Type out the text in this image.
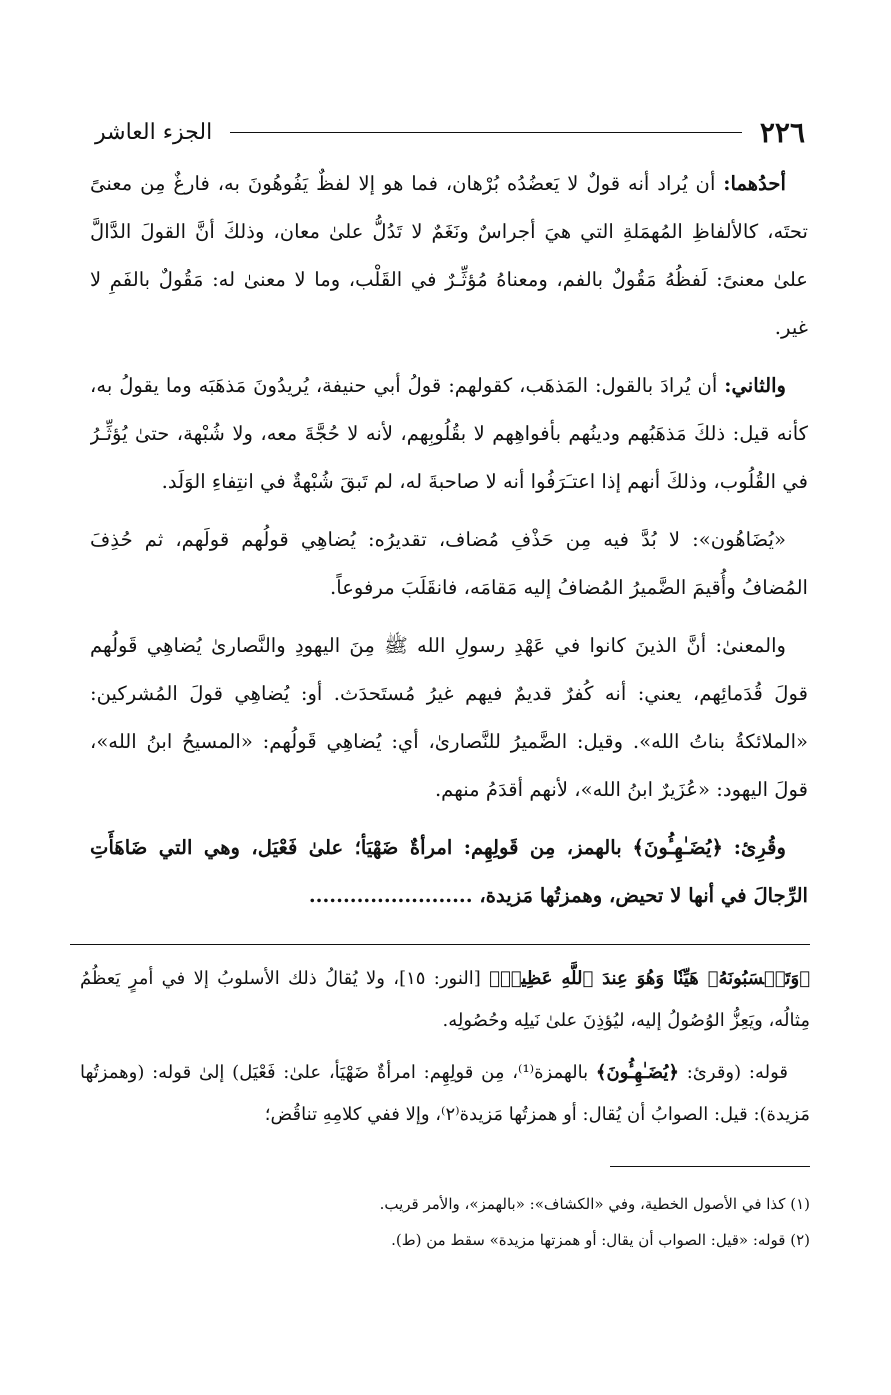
٢٢٦
الجزء العاشر

أحدُهما: أن يُراد أنه قولٌ لا يَعضُدُه بُرْهان، فما هو إلا لفظٌ يَفُوهُونَ به، فارغٌ مِن معنىً تحتَه، كالألفاظِ المُهمَلةِ التي هيَ أجراسٌ ونَغَمٌ لا تَدُلُّ علىٰ معان، وذلكَ أنَّ القولَ الدَّالَّ علىٰ معنىً: لَفظُهُ مَقُولٌ بالفم، ومعناهُ مُؤثِّـرٌ في القَلْب، وما لا معنىٰ له: مَقُولٌ بالفَمِ لا غير.

والثاني: أن يُرادَ بالقول: المَذهَب، كقولهم: قولُ أبي حنيفة، يُريدُونَ مَذهَبَه وما يقولُ به، كأنه قيل: ذلكَ مَذهَبُهم ودينُهم بأفواهِهم لا بقُلُوبِهم، لأنه لا حُجَّةَ معه، ولا شُبْهة، حتىٰ يُؤثِّـرُ في القُلُوب، وذلكَ أنهم إذا اعتـَرَفُوا أنه لا صاحبةَ له، لم تَبقَ شُبْهةٌ في انتِفاءِ الوَلَد.

«يُضَاهُون»: لا بُدَّ فيه مِن حَذْفِ مُضاف، تقديرُه: يُضاهِي قولُهم قولَهم، ثم حُذِفَ المُضافُ وأُقيمَ الضَّميرُ المُضافُ إليه مَقامَه، فانقَلَبَ مرفوعاً.

والمعنىٰ: أنَّ الذينَ كانوا في عَهْدِ رسولِ الله ﷺ مِنَ اليهودِ والنَّصارىٰ يُضاهِي قَولُهم قولَ قُدَمائِهم، يعني: أنه كُفرٌ قديمٌ فيهم غيرُ مُستَحدَث. أو: يُضاهِي قولَ المُشركين: «الملائكةُ بناتُ الله». وقيل: الضَّميرُ للنَّصارىٰ، أي: يُضاهِي قَولُهم: «المسيحُ ابنُ الله»، قولَ اليهود: «عُزَيرٌ ابنُ الله»، لأنهم أقدَمُ منهم.

وقُرِئ: ﴿يُضَـٰهِـُٔونَ﴾ بالهمز، مِن قَولِهِم: امرأةٌ ضَهْيَأ؛ علىٰ فَعْيَل، وهي التي ضَاهَأَتِ الرِّجالَ في أنها لا تحيض، وهمزتُها مَزيدة، ........................

﴿وَتَحۡسَبُونَهُۥ هَيِّنٗا وَهُوَ عِندَ ٱللَّهِ عَظِيمٞ﴾ [النور: ١٥]، ولا يُقالُ ذلك الأسلوبُ إلا في أمرٍ يَعظُمُ مِثالُه، ويَعِزُّ الوُصُولُ إليه، ليُؤذِنَ علىٰ نَيلِه وحُصُولِه.

قوله: (وقرئ: ﴿يُضَـٰهِـُٔونَ﴾ بالهمزة⁽¹⁾، مِن قولِهِم: امرأةٌ ضَهْيَأ، علىٰ: فَعْيَل) إلىٰ قوله: (وهمزتُها مَزيدة): قيل: الصوابُ أن يُقال: أو همزتُها مَزيدة⁽٢⁾، وإلا ففي كلامِهِ تناقُض؛

(١) كذا في الأصول الخطية، وفي «الكشاف»: «بالهمز»، والأمر قريب.

(٢) قوله: «قيل: الصواب أن يقال: أو همزتها مزيدة» سقط من (ط).
